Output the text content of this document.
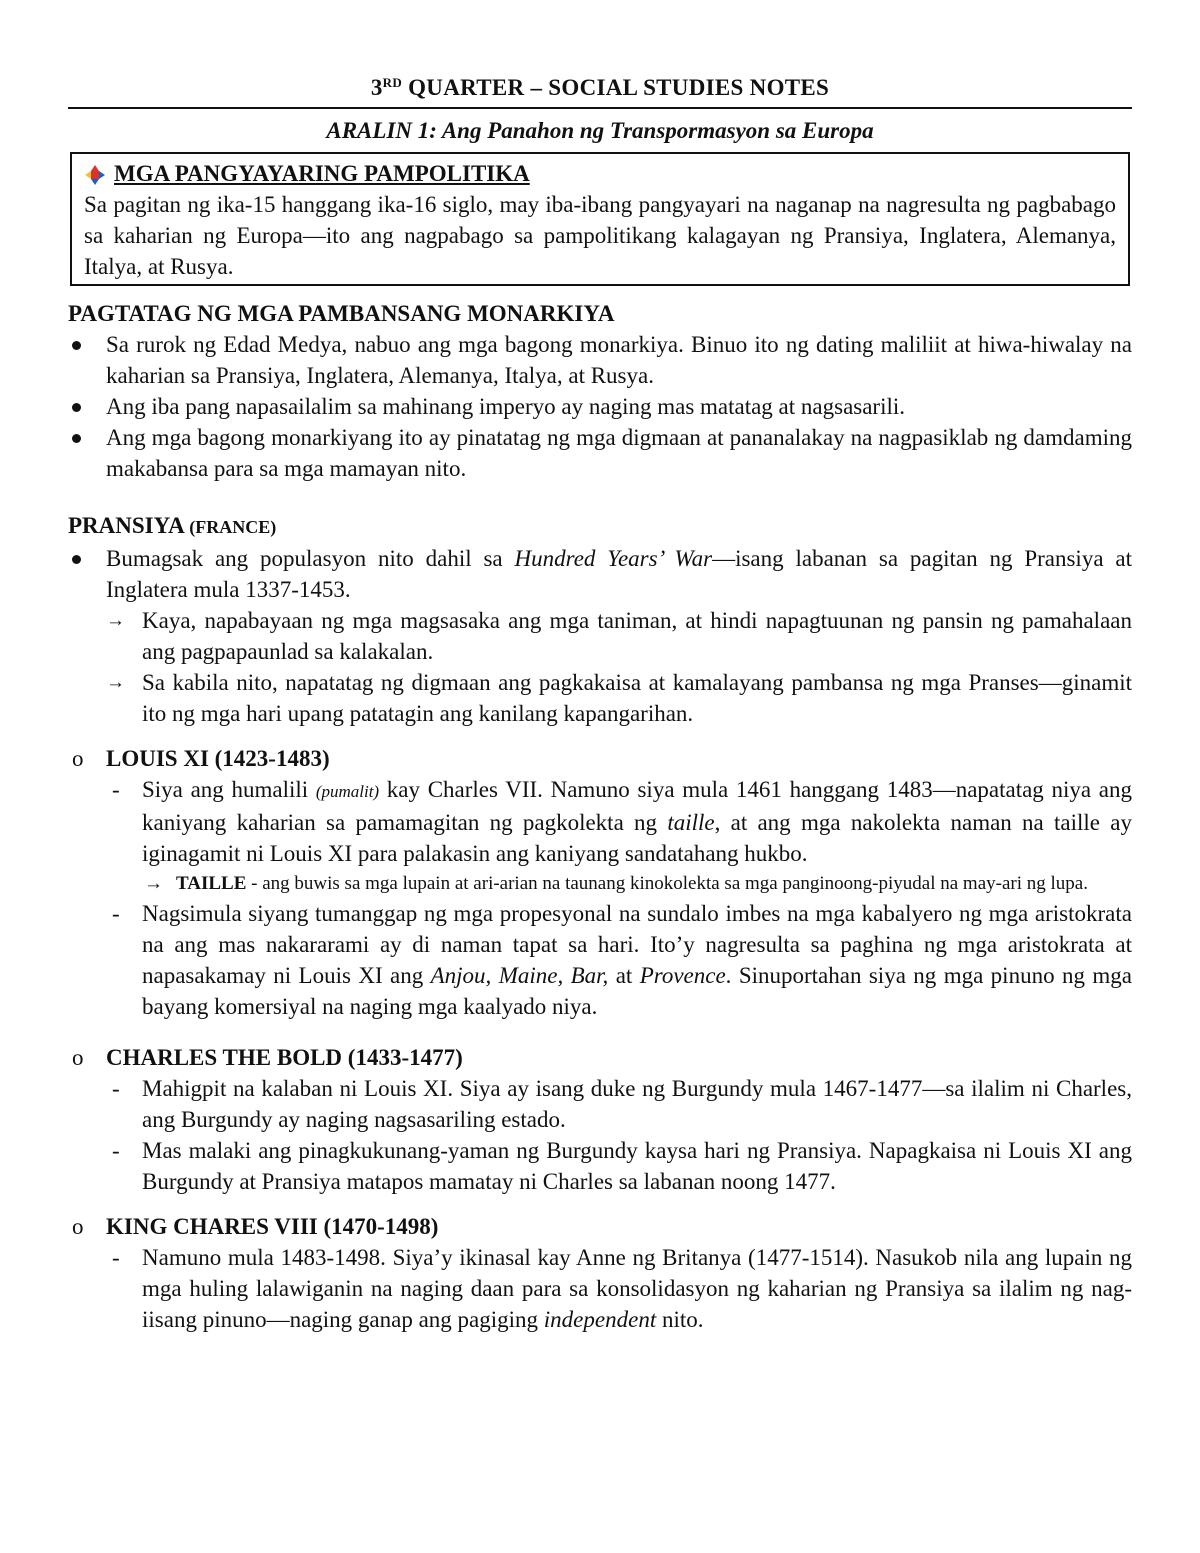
3RD QUARTER – SOCIAL STUDIES NOTES
ARALIN 1: Ang Panahon ng Transpormasyon sa Europa
MGA PANGYAYARING PAMPOLITIKA
Sa pagitan ng ika-15 hanggang ika-16 siglo, may iba-ibang pangyayari na naganap na nagresulta ng pagbabago sa kaharian ng Europa—ito ang nagpabago sa pampolitikang kalagayan ng Pransiya, Inglatera, Alemanya, Italya, at Rusya.
PAGTATAG NG MGA PAMBANSANG MONARKIYA
Sa rurok ng Edad Medya, nabuo ang mga bagong monarkiya. Binuo ito ng dating maliliit at hiwa-hiwalay na kaharian sa Pransiya, Inglatera, Alemanya, Italya, at Rusya.
Ang iba pang napasailalim sa mahinang imperyo ay naging mas matatag at nagsasarili.
Ang mga bagong monarkiyang ito ay pinatatag ng mga digmaan at pananalakay na nagpasiklab ng damdaming makabansa para sa mga mamayan nito.
PRANSIYA (FRANCE)
Bumagsak ang populasyon nito dahil sa Hundred Years’ War—isang labanan sa pagitan ng Pransiya at Inglatera mula 1337-1453.
→ Kaya, napabayaan ng mga magsasaka ang mga taniman, at hindi napagtuunan ng pansin ng pamahalaan ang pagpapaunlad sa kalakalan.
→ Sa kabila nito, napatatag ng digmaan ang pagkakaisa at kamalayang pambansa ng mga Pranses—ginamit ito ng mga hari upang patatagin ang kanilang kapangarihan.
o LOUIS XI (1423-1483)
- Siya ang humalili (pumalit) kay Charles VII. Namuno siya mula 1461 hanggang 1483—napatatag niya ang kaniyang kaharian sa pamamagitan ng pagkolekta ng taille, at ang mga nakolekta naman na taille ay iginagamit ni Louis XI para palakasin ang kaniyang sandatahang hukbo.
→ TAILLE - ang buwis sa mga lupain at ari-arian na taunang kinokolekta sa mga panginoong-piyudal na may-ari ng lupa.
- Nagsimula siyang tumanggap ng mga propesyonal na sundalo imbes na mga kabalyero ng mga aristokrata na ang mas nakararami ay di naman tapat sa hari. Ito’y nagresulta sa paghina ng mga aristokrata at napasakamay ni Louis XI ang Anjou, Maine, Bar, at Provence. Sinuportahan siya ng mga pinuno ng mga bayang komersiyal na naging mga kaalyado niya.
o CHARLES THE BOLD (1433-1477)
- Mahigpit na kalaban ni Louis XI. Siya ay isang duke ng Burgundy mula 1467-1477—sa ilalim ni Charles, ang Burgundy ay naging nagsasariling estado.
- Mas malaki ang pinagkukunang-yaman ng Burgundy kaysa hari ng Pransiya. Napagkaisa ni Louis XI ang Burgundy at Pransiya matapos mamatay ni Charles sa labanan noong 1477.
o KING CHARES VIII (1470-1498)
- Namuno mula 1483-1498. Siya’y ikinasal kay Anne ng Britanya (1477-1514). Nasukob nila ang lupain ng mga huling lalawiganin na naging daan para sa konsolidasyon ng kaharian ng Pransiya sa ilalim ng nag-iisang pinuno—naging ganap ang pagiging independent nito.
